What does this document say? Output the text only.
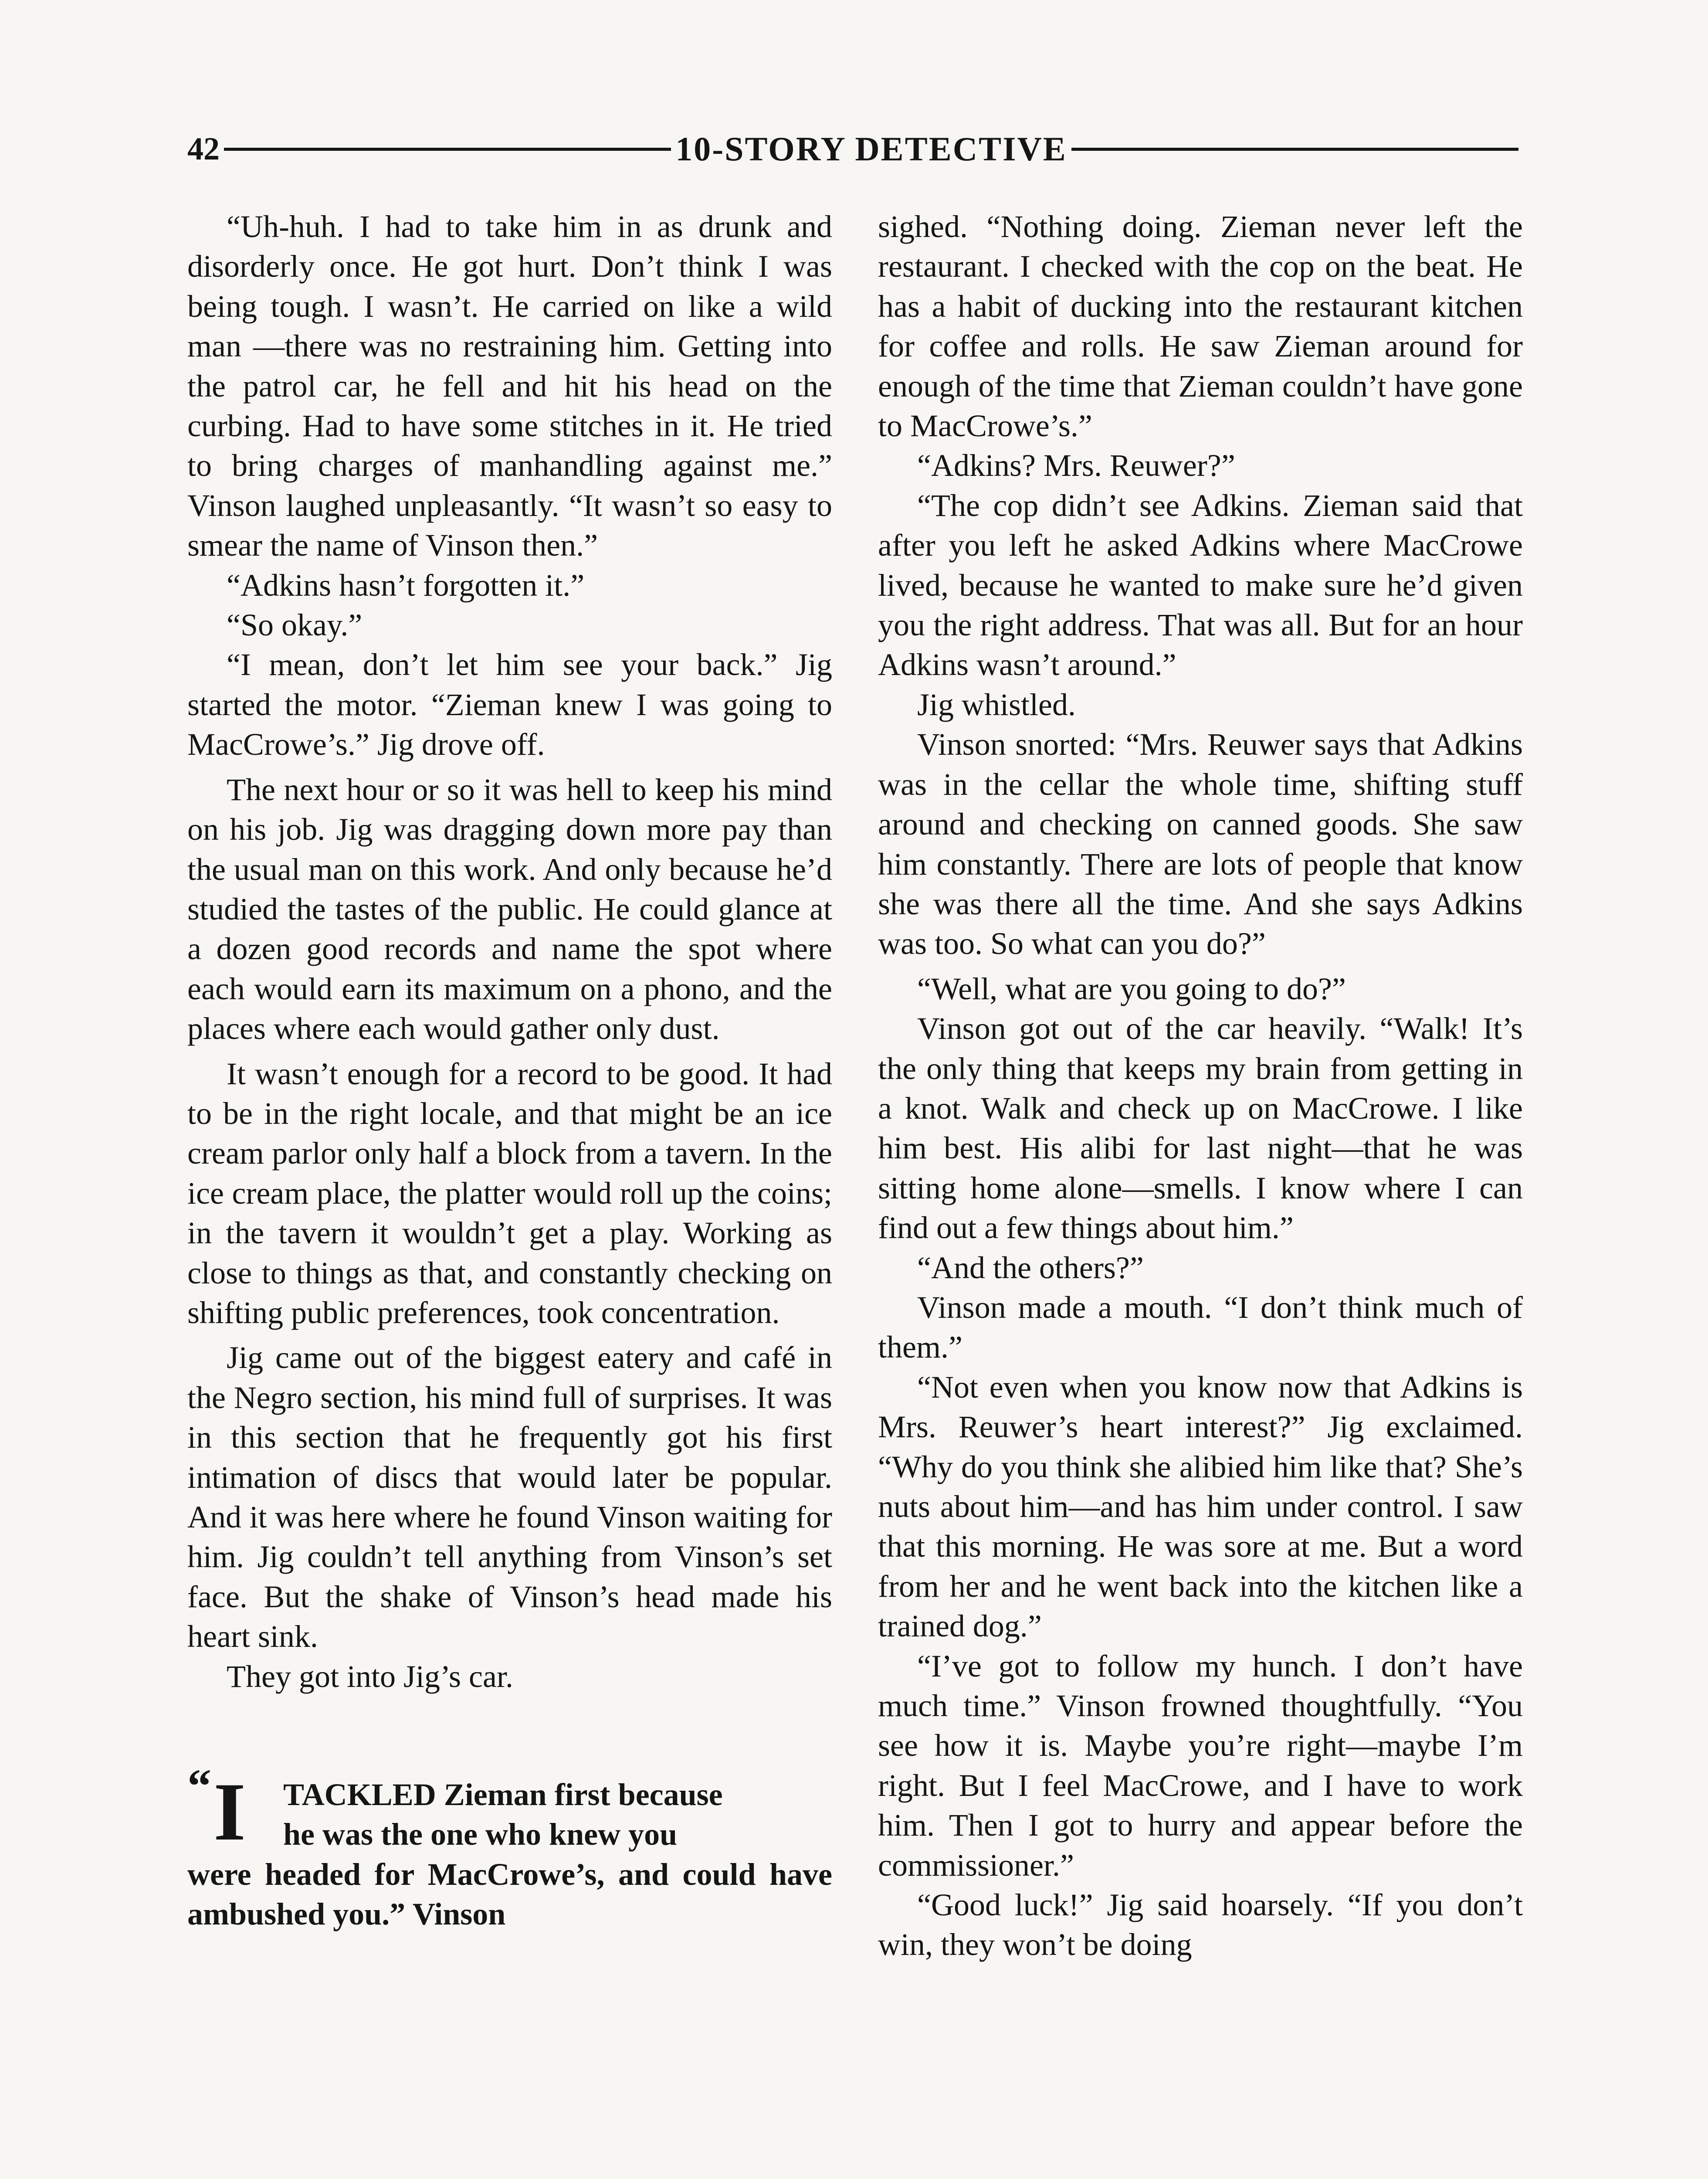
42	10-STORY DETECTIVE

“Uh-huh. I had to take him in as drunk and disorderly once. He got hurt. Don’t think I was being tough. I wasn’t. He carried on like a wild man —there was no restraining him. Getting into the patrol car, he fell and hit his head on the curbing. Had to have some stitches in it. He tried to bring charges of manhandling against me.” Vinson laughed unpleasantly. “It wasn’t so easy to smear the name of Vinson then.”

“Adkins hasn’t forgotten it.”

“So okay.”

“I mean, don’t let him see your back.” Jig started the motor. “Zieman knew I was going to MacCrowe’s.” Jig drove off.

The next hour or so it was hell to keep his mind on his job. Jig was dragging down more pay than the usual man on this work. And only because he’d studied the tastes of the public. He could glance at a dozen good records and name the spot where each would earn its maximum on a phono, and the places where each would gather only dust.

It wasn’t enough for a record to be good. It had to be in the right locale, and that might be an ice cream parlor only half a block from a tavern. In the ice cream place, the platter would roll up the coins; in the tavern it wouldn’t get a play. Working as close to things as that, and constantly checking on shifting public preferences, took concentration.

Jig came out of the biggest eatery and café in the Negro section, his mind full of surprises. It was in this section that he frequently got his first intimation of discs that would later be popular. And it was here where he found Vinson waiting for him. Jig couldn’t tell anything from Vinson’s set face. But the shake of Vinson’s head made his heart sink.

They got into Jig’s car.

“ I	TACKLED Zieman first because
he was the one who knew you
were headed for MacCrowe’s, and could have ambushed you.” Vinson

sighed. “Nothing doing. Zieman never left the restaurant. I checked with the cop on the beat. He has a habit of ducking into the restaurant kitchen for coffee and rolls. He saw Zieman around for enough of the time that Zieman couldn’t have gone to MacCrowe’s.”

“Adkins? Mrs. Reuwer?”

“The cop didn’t see Adkins. Zieman said that after you left he asked Adkins where MacCrowe lived, because he wanted to make sure he’d given you the right address. That was all. But for an hour Adkins wasn’t around.”

Jig whistled.

Vinson snorted: “Mrs. Reuwer says that Adkins was in the cellar the whole time, shifting stuff around and checking on canned goods. She saw him constantly. There are lots of people that know she was there all the time. And she says Adkins was too. So what can you do?”

“Well, what are you going to do?”

Vinson got out of the car heavily. “Walk! It’s the only thing that keeps my brain from getting in a knot. Walk and check up on MacCrowe. I like him best. His alibi for last night—that he was sitting home alone—smells. I know where I can find out a few things about him.”

“And the others?”

Vinson made a mouth. “I don’t think much of them.”

“Not even when you know now that Adkins is Mrs. Reuwer’s heart interest?” Jig exclaimed. “Why do you think she alibied him like that? She’s nuts about him—and has him under control. I saw that this morning. He was sore at me. But a word from her and he went back into the kitchen like a trained dog.”

“I’ve got to follow my hunch. I don’t have much time.” Vinson frowned thoughtfully. “You see how it is. Maybe you’re right—maybe I’m right. But I feel MacCrowe, and I have to work him. Then I got to hurry and appear before the commissioner.”

“Good luck!” Jig said hoarsely. “If you don’t win, they won’t be doing
